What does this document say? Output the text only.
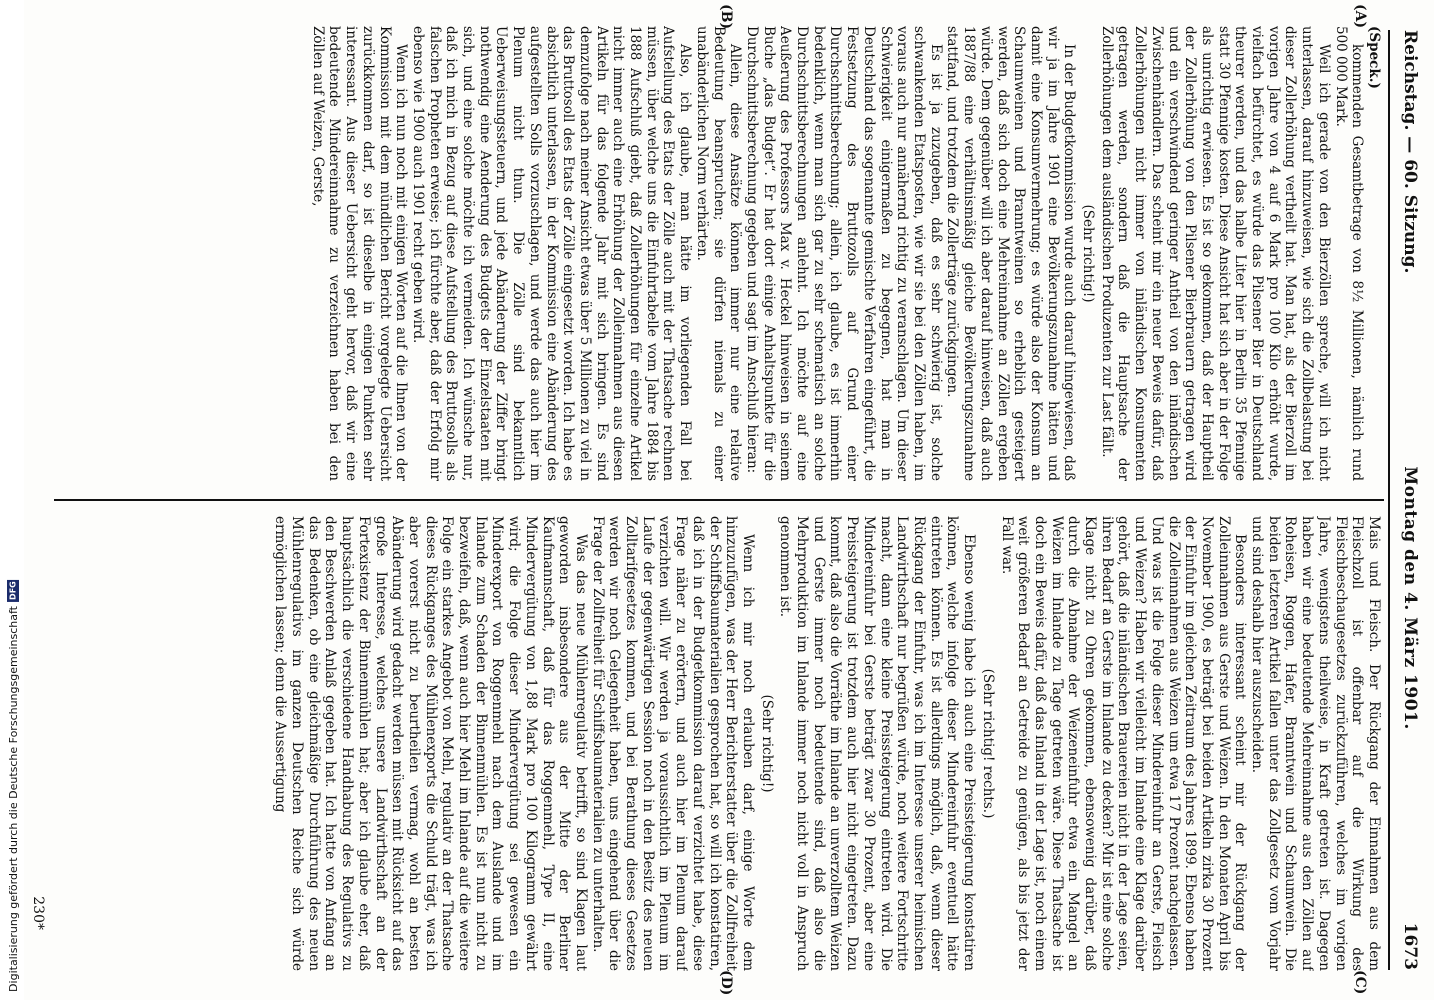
Digitalisierung gefördert durch die Deutsche Forschungsgemeinschaft
DFG
Reichstag. — 60. Sitzung.
Montag den 4. März 1901.
1673

(Speck.)

kommenden Gesamtbetrage von 8½ Millionen, nämlich rund 500 000 Mark.

Weil ich gerade von den Bierzöllen spreche, will ich nicht unterlassen, darauf hinzuweisen, wie sich die Zollbelastung bei dieser Zollerhöhung vertheilt hat. Man hat, als der Bierzoll im vorigen Jahre von 4 auf 6 Mark pro 100 Kilo erhöht wurde, vielfach befürchtet, es würde das Pilsener Bier in Deutschland theurer werden, und das halbe Liter hier in Berlin 35 Pfennige statt 30 Pfennige kosten. Diese Ansicht hat sich aber in der Folge als unrichtig erwiesen. Es ist so gekommen, daß der Hauptheil der Zollerhöhung von den Pilsener Bierbrauern getragen wird und ein verschwindend geringer Antheil von den inländischen Zwischenhändlern. Das scheint mir ein neuer Beweis dafür, daß Zollerhöhungen nicht immer von inländischen Konsumenten getragen werden, sondern daß die Hauptsache der Zollerhöhungen dem ausländischen Produzenten zur Last fällt.

(Sehr richtig!)

In der Budgetkommission wurde auch darauf hingewiesen, daß wir ja im Jahre 1901 eine Bevölkerungszunahme hätten und damit eine Konsumvermehrung; es würde also der Konsum an Schaumweinen und Branntweinen so erheblich gesteigert werden, daß sich doch eine Mehreinnahme an Zöllen ergeben würde. Dem gegenüber will ich aber darauf hinweisen, daß auch 1887/88 eine verhältnismäßig gleiche Bevölkerungszunahme stattfand, und trotzdem die Zollerträge zurückgingen.

Es ist ja zuzugeben, daß es sehr schwierig ist, solche schwankenden Etatsposten, wie wir sie bei den Zöllen haben, im voraus auch nur annähernd richtig zu veranschlagen. Um dieser Schwierigkeit einigermaßen zu begegnen, hat man in Deutschland das sogenannte gemischte Verfahren eingeführt, die Festsetzung des Bruttozolls auf Grund einer Durchschnittsberechnung; allein, ich glaube, es ist immerhin bedenklich, wenn man sich gar zu sehr schematisch an solche Durchschnittsberechnungen anlehnt. Ich möchte auf eine Aeußerung des Professors Max v. Heckel hinweisen in seinem Buche „das Budget“. Er hat dort einige Anhaltspunkte für die Durchschnittsberechnung gegeben und sagt im Anschluß hieran:

Allein, diese Ansätze können immer nur eine relative Bedeutung beanspruchen; sie dürfen niemals zu einer unabänderlichen Norm verhärten.

Also, ich glaube, man hätte im vorliegenden Fall bei Aufstellung des Etats der Zölle auch mit der Thatsache rechnen müssen, über welche uns die Einfuhrtabelle vom Jahre 1884 bis 1888 Aufschluß giebt, daß Zollerhöhungen für einzelne Artikel nicht immer auch eine Erhöhung der Zolleinnahmen aus diesen Artikeln für das folgende Jahr mit sich bringen. Es sind demzufolge nach meiner Ansicht etwas über 5 Millionen zu viel in das Bruttosoll des Etats der Zölle eingesetzt worden. Ich habe es absichtlich unterlassen, in der Kommission eine Abänderung des aufgestellten Solls vorzuschlagen, und werde das auch hier im Plenum nicht thun. Die Zölle sind bekanntlich Ueberweisungssteuern, und jede Abänderung der Ziffer bringt nothwendig eine Aenderung des Budgets der Einzelstaaten mit sich, und eine solche möchte ich vermeiden. Ich wünsche nur, daß ich mich in Bezug auf diese Aufstellung des Bruttosolls als falschen Propheten erweise; ich fürchte aber, daß der Erfolg mir ebenso wie 1900 auch 1901 recht geben wird.

Wenn ich nun noch mit einigen Worten auf die Ihnen von der Kommission mit dem mündlichen Bericht vorgelegte Uebersicht zurückkommen darf, so ist dieselbe in einigen Punkten sehr interessant. Aus dieser Uebersicht geht hervor, daß wir eine bedeutende Mindereinnahme zu verzeichnen haben bei den Zöllen auf Weizen, Gerste,

Mais und Fleisch. Der Rückgang der Einnahmen aus dem Fleischzoll ist offenbar auf die Wirkung des Fleischbeschaugesetzes zurückzuführen, welches im vorigen Jahre, wenigstens theilweise, in Kraft getreten ist. Dagegen haben wir eine bedeutende Mehreinnahme aus den Zöllen auf Roheisen, Roggen, Hafer, Branntwein und Schaumwein. Die beiden letzteren Artikel fallen unter das Zollgesetz vom Vorjahr und sind deshalb hier auszuscheiden.

Besonders interessant scheint mir der Rückgang der Zolleinnahmen aus Gerste und Weizen. In den Monaten April bis November 1900, es beträgt bei beiden Artikeln zirka 30 Prozent der Einfuhr im gleichen Zeitraum des Jahres 1899. Ebenso haben die Zolleinnahmen aus Weizen um etwa 17 Prozent nachgelassen. Und was ist die Folge dieser Mindereinfuhr an Gerste, Fleisch und Weizen? Haben wir vielleicht im Inlande eine Klage darüber gehört, daß die inländischen Brauereien nicht in der Lage seien, ihren Bedarf an Gerste im Inlande zu decken? Mir ist eine solche Klage nicht zu Ohren gekommen, ebensowenig darüber, daß durch die Abnahme der Weizeneinfuhr etwa ein Mangel an Weizen im Inlande zu Tage getreten wäre. Diese Thatsache ist doch ein Beweis dafür, daß das Inland in der Lage ist, noch einem weit größeren Bedarf an Getreide zu genügen, als bis jetzt der Fall war.

(Sehr richtig! rechts.)

Ebenso wenig habe ich auch eine Preissteigerung konstatiren können, welche infolge dieser Mindereinfuhr eventuell hätte eintreten können. Es ist allerdings möglich, daß, wenn dieser Rückgang der Einfuhr, was ich im Interesse unserer heimischen Landwirthschaft nur begrüßen würde, noch weitere Fortschritte macht, dann eine kleine Preissteigerung eintreten wird. Die Mindereinfuhr bei Gerste beträgt zwar 30 Prozent, aber eine Preissteigerung ist trotzdem auch hier nicht eingetreten. Dazu kommt, daß also die Vorräthe im Inlande an unverzolltem Weizen und Gerste immer noch bedeutende sind, daß also die Mehrproduktion im Inlande immer noch nicht voll in Anspruch genommen ist.

(Sehr richtig!)

Wenn ich mir noch erlauben darf, einige Worte dem hinzuzufügen, was der Herr Berichterstatter über die Zollfreiheit der Schiffsbaumaterialien gesprochen hat, so will ich konstatiren, daß ich in der Budgetkommission darauf verzichtet habe, diese Frage näher zu erörtern, und auch hier im Plenum darauf verzichten will. Wir werden ja voraussichtlich im Plenum im Laufe der gegenwärtigen Session noch in den Besitz des neuen Zolltarifgesetzes kommen, und bei Berathung dieses Gesetzes werden wir noch Gelegenheit haben, uns eingehend über die Frage der Zollfreiheit für Schiffsbaumaterialien zu unterhalten.

Was das neue Mühlenregulativ betrifft, so sind Klagen laut geworden insbesondere aus der Mitte der Berliner Kaufmannschaft, daß für das Roggenmehl, Type II, eine Mindervergütung von 1,88 Mark pro 100 Kilogramm gewährt wird; die Folge dieser Mindervergütung sei gewesen ein Minderexport von Roggenmehl nach dem Auslande und im Inlande zum Schaden der Binnenmühlen. Es ist nun nicht zu bezweifeln, daß, wenn auch hier Mehl im Inlande auf die weitere Folge ein starkes Angebot von Mehl, regulativ an der Thatsache dieses Rückganges des Mühlenexports die Schuld trägt, was ich aber vorerst nicht zu beurtheilen vermag, wohl an besten Abänderung wird gedacht werden müssen mit Rücksicht auf das große Interesse, welches unsere Landwirthschaft an der Fortexistenz der Binnenmühlen hat; aber ich glaube eher, daß hauptsächlich die verschiedene Handhabung des Regulativs zu den Beschwerden Anlaß gegeben hat. Ich hatte von Anfang an das Bedenken, ob eine gleichmäßige Durchführung des neuen Mühlenregulativs im ganzen Deutschen Reiche sich würde ermöglichen lassen; denn die Aussertigung

(A)
(B)
(C)
(D)
230*
